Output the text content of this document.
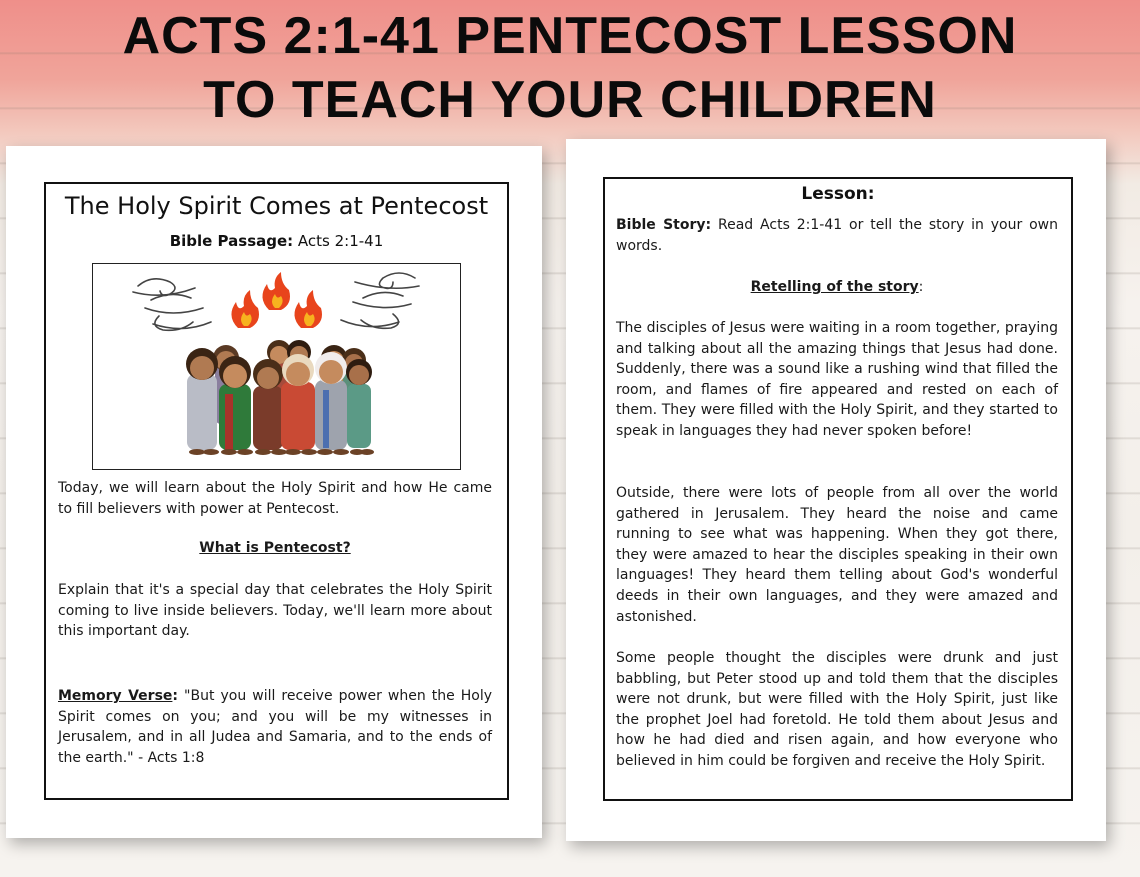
ACTS 2:1-41 PENTECOST LESSON
TO TEACH YOUR CHILDREN
The Holy Spirit Comes at Pentecost
Bible Passage: Acts 2:1-41
Today, we will learn about the Holy Spirit and how He came to fill believers with power at Pentecost.
What is Pentecost?
Explain that it's a special day that celebrates the Holy Spirit coming to live inside believers. Today, we'll learn more about this important day.
Memory Verse: "But you will receive power when the Holy Spirit comes on you; and you will be my witnesses in Jerusalem, and in all Judea and Samaria, and to the ends of the earth." - Acts 1:8
Lesson:
Bible Story: Read Acts 2:1-41 or tell the story in your own words.
Retelling of the story:
The disciples of Jesus were waiting in a room together, praying and talking about all the amazing things that Jesus had done. Suddenly, there was a sound like a rushing wind that filled the room, and flames of fire appeared and rested on each of them. They were filled with the Holy Spirit, and they started to speak in languages they had never spoken before!
Outside, there were lots of people from all over the world gathered in Jerusalem. They heard the noise and came running to see what was happening. When they got there, they were amazed to hear the disciples speaking in their own languages! They heard them telling about God's wonderful deeds in their own languages, and they were amazed and astonished.
Some people thought the disciples were drunk and just babbling, but Peter stood up and told them that the disciples were not drunk, but were filled with the Holy Spirit, just like the prophet Joel had foretold. He told them about Jesus and how he had died and risen again, and how everyone who believed in him could be forgiven and receive the Holy Spirit.
